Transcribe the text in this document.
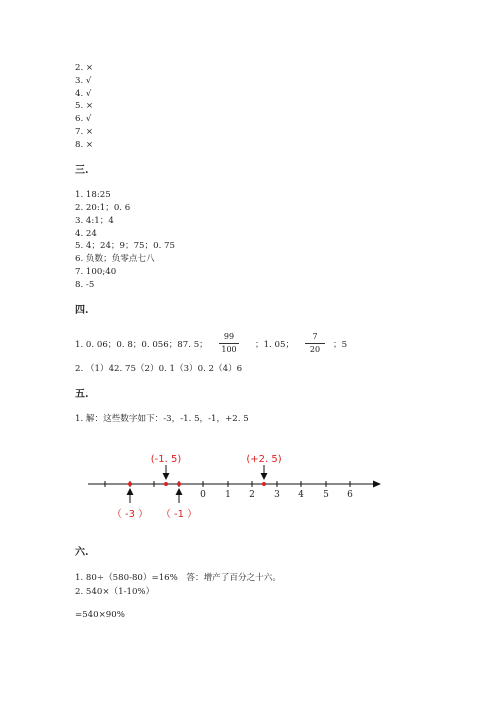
2. ×
3. √
4. √
5. ×
6. √
7. ×
8. ×
三.
1. 18:25
2. 20:1；0. 6
3. 4:1；4
4. 24
5. 4；24；9；75；0. 75
6. 负数；负零点七八
7. 100;40
8. -5
四.
1. 0. 06；0. 8；0. 056；87. 5；
99
100	；1. 05；
7
20	；5
2. （1）42. 75（2）0. 1（3）0. 2（4）6
五.
1. 解：这些数字如下：-3，-1. 5，-1，+2. 5
0 1 2 3 4 5 6
(-1. 5)	(+2. 5)
（ -3 ） （ -1 ）
六.
1. 80÷（580-80）=16%　答：增产了百分之十六。
2. 540×（1-10%）
=540×90%
